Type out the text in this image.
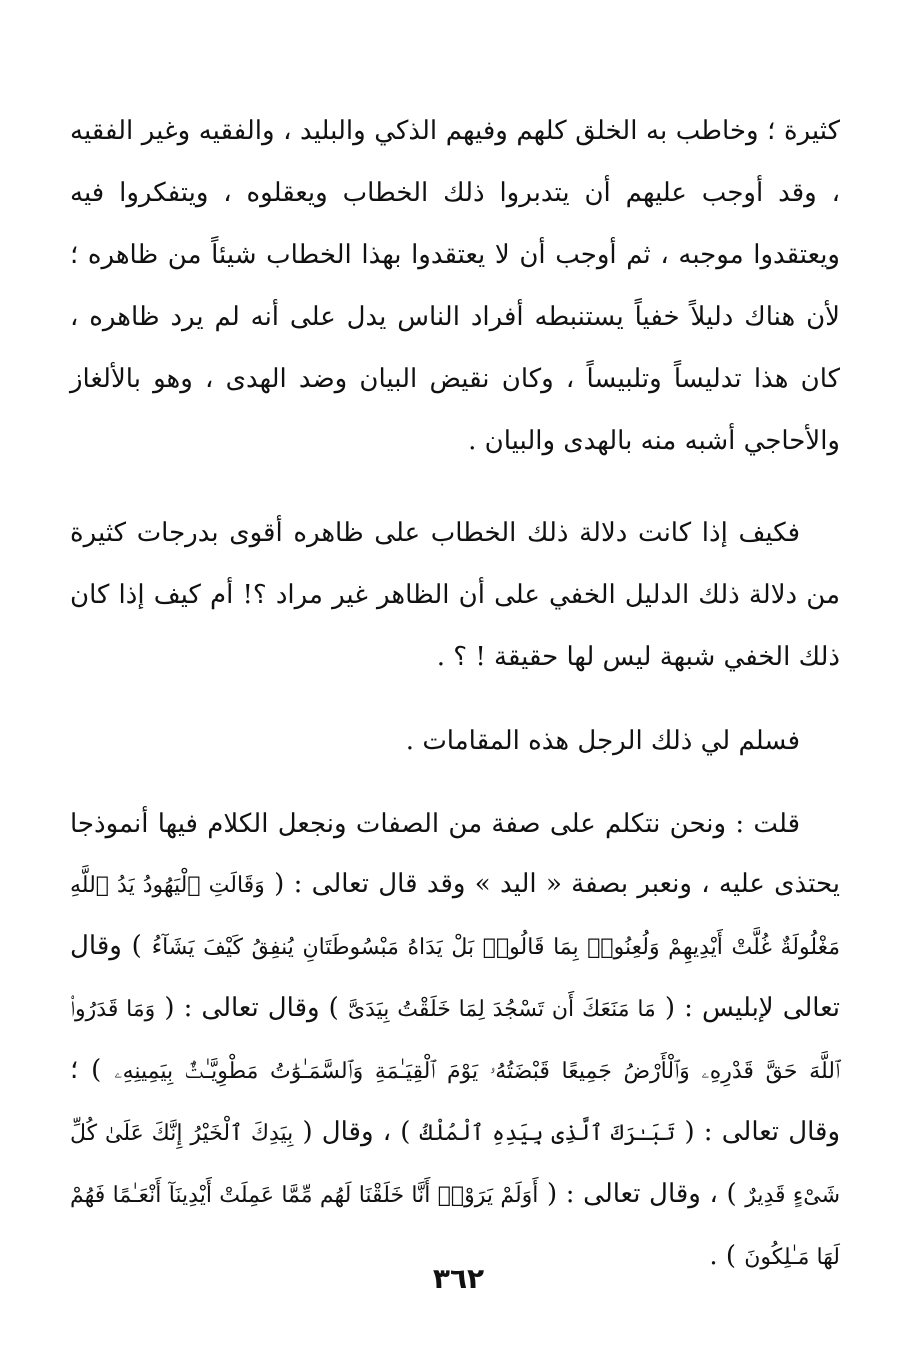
كثيرة ؛ وخاطب به الخلق كلهم وفيهم الذكي والبليد ، والفقيه وغير الفقيه ، وقد أوجب عليهم أن يتدبروا ذلك الخطاب ويعقلوه ، ويتفكروا فيه ويعتقدوا موجبه ، ثم أوجب أن لا يعتقدوا بهذا الخطاب شيئاً من ظاهره ؛ لأن هناك دليلاً خفياً يستنبطه أفراد الناس يدل على أنه لم يرد ظاهره ، كان هذا تدليساً وتلبيساً ، وكان نقيض البيان وضد الهدى ، وهو بالألغاز والأحاجي أشبه منه بالهدى والبيان .

فكيف إذا كانت دلالة ذلك الخطاب على ظاهره أقوى بدرجات كثيرة من دلالة ذلك الدليل الخفي على أن الظاهر غير مراد ؟! أم كيف إذا كان ذلك الخفي شبهة ليس لها حقيقة ! ؟ .

فسلم لي ذلك الرجل هذه المقامات .

قلت : ونحن نتكلم على صفة من الصفات ونجعل الكلام فيها أنموذجا يحتذى عليه ، ونعبر بصفة « اليد » وقد قال تعالى : ( وَقَالَتِ ٱلْيَهُودُ يَدُ ٱللَّهِ مَغْلُولَةٌ غُلَّتْ أَيْدِيهِمْ وَلُعِنُوا۟ بِمَا قَالُوا۟ بَلْ يَدَاهُ مَبْسُوطَتَانِ يُنفِقُ كَيْفَ يَشَآءُ ) وقال تعالى لإبليس : ( مَا مَنَعَكَ أَن تَسْجُدَ لِمَا خَلَقْتُ بِيَدَىَّ ) وقال تعالى : ( وَمَا قَدَرُوا۟ ٱللَّهَ حَقَّ قَدْرِهِۦ وَٱلْأَرْضُ جَمِيعًا قَبْضَتُهُۥ يَوْمَ ٱلْقِيَـٰمَةِ وَٱلسَّمَـٰوَٰتُ مَطْوِيَّـٰتٌۢ بِيَمِينِهِۦ ) ؛ وقال تعالى : ( تَبَـٰرَكَ ٱلَّذِى بِيَدِهِ ٱلْمُلْكُ ) ، وقال ( بِيَدِكَ ٱلْخَيْرُ إِنَّكَ عَلَىٰ كُلِّ شَىْءٍ قَدِيرٌ ) ، وقال تعالى : ( أَوَلَمْ يَرَوْا۟ أَنَّا خَلَقْنَا لَهُم مِّمَّا عَمِلَتْ أَيْدِينَآ أَنْعَـٰمًا فَهُمْ لَهَا مَـٰلِكُونَ ) .

٣٦٢
